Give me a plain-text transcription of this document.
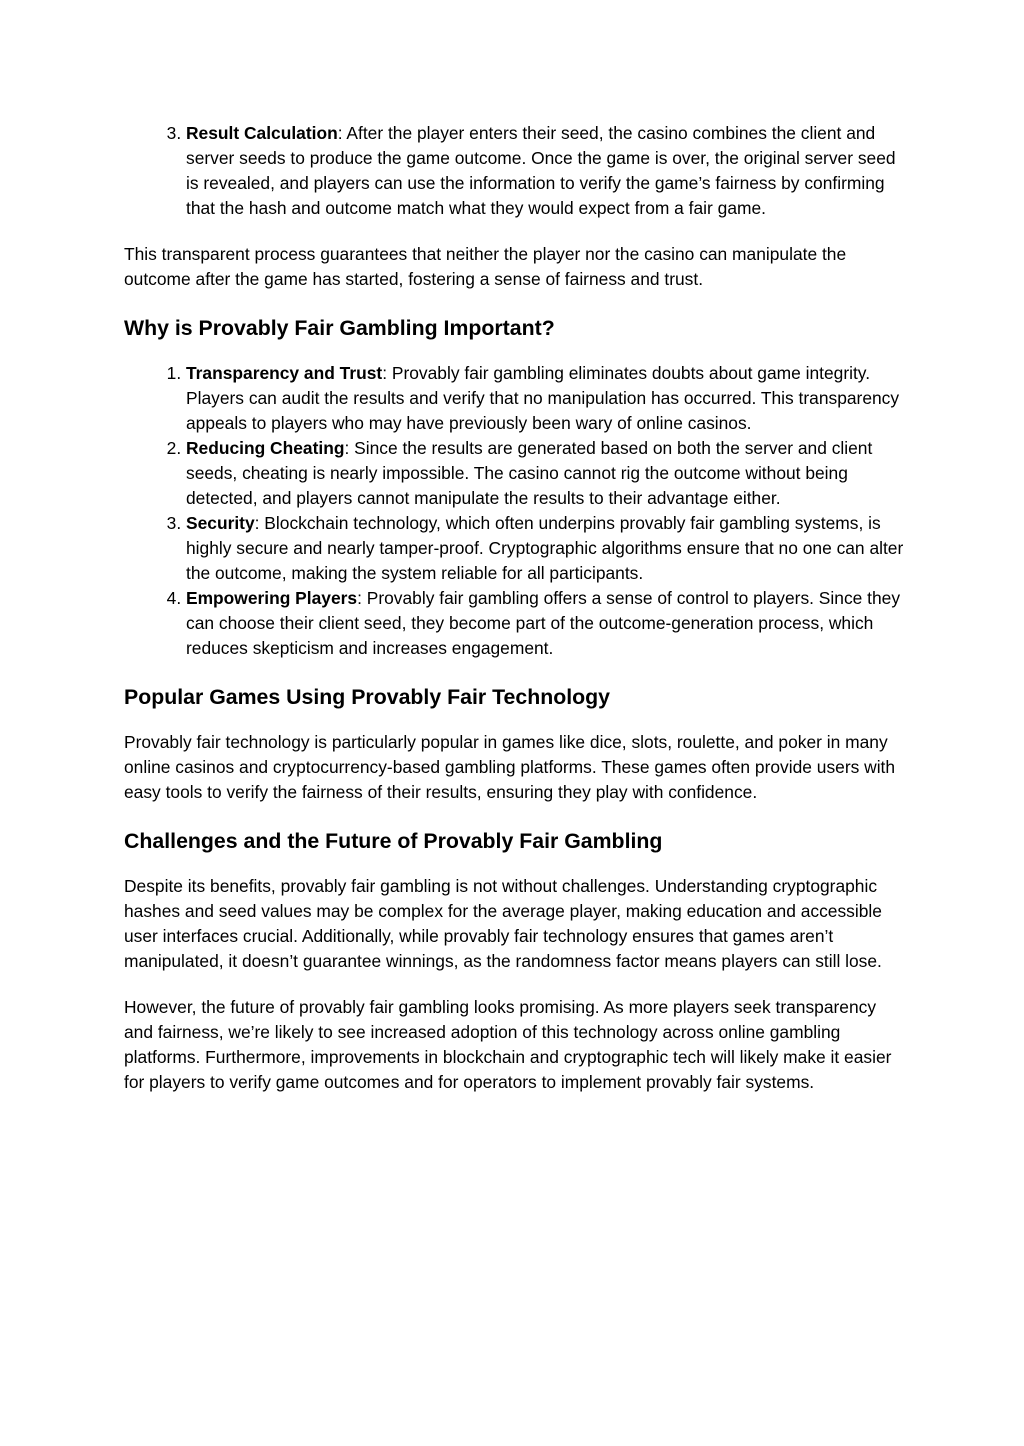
3. Result Calculation: After the player enters their seed, the casino combines the client and server seeds to produce the game outcome. Once the game is over, the original server seed is revealed, and players can use the information to verify the game’s fairness by confirming that the hash and outcome match what they would expect from a fair game.

This transparent process guarantees that neither the player nor the casino can manipulate the outcome after the game has started, fostering a sense of fairness and trust.

Why is Provably Fair Gambling Important?
1. Transparency and Trust: Provably fair gambling eliminates doubts about game integrity. Players can audit the results and verify that no manipulation has occurred. This transparency appeals to players who may have previously been wary of online casinos.
2. Reducing Cheating: Since the results are generated based on both the server and client seeds, cheating is nearly impossible. The casino cannot rig the outcome without being detected, and players cannot manipulate the results to their advantage either.
3. Security: Blockchain technology, which often underpins provably fair gambling systems, is highly secure and nearly tamper-proof. Cryptographic algorithms ensure that no one can alter the outcome, making the system reliable for all participants.
4. Empowering Players: Provably fair gambling offers a sense of control to players. Since they can choose their client seed, they become part of the outcome-generation process, which reduces skepticism and increases engagement.
Popular Games Using Provably Fair Technology

Provably fair technology is particularly popular in games like dice, slots, roulette, and poker in many online casinos and cryptocurrency-based gambling platforms. These games often provide users with easy tools to verify the fairness of their results, ensuring they play with confidence.

Challenges and the Future of Provably Fair Gambling

Despite its benefits, provably fair gambling is not without challenges. Understanding cryptographic hashes and seed values may be complex for the average player, making education and accessible user interfaces crucial. Additionally, while provably fair technology ensures that games aren’t manipulated, it doesn’t guarantee winnings, as the randomness factor means players can still lose.

However, the future of provably fair gambling looks promising. As more players seek transparency and fairness, we’re likely to see increased adoption of this technology across online gambling platforms. Furthermore, improvements in blockchain and cryptographic tech will likely make it easier for players to verify game outcomes and for operators to implement provably fair systems.
